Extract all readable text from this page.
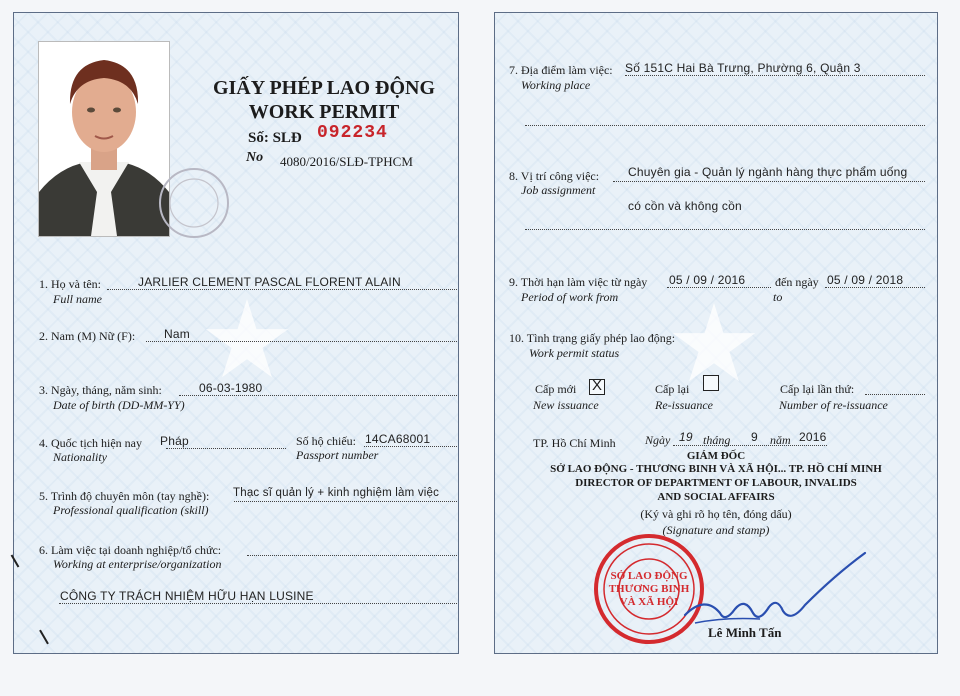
GIẤY PHÉP LAO ĐỘNG
WORK PERMIT
Số: SLĐ 092234
No 4080/2016/SLĐ-TPHCM
1. Họ và tên:	JARLIER CLEMENT PASCAL FLORENT ALAIN
Full name
2. Nam (M) Nữ (F): Nam
3. Ngày, tháng, năm sinh:	06-03-1980
Date of birth (DD-MM-YY)
4. Quốc tịch hiện nay Pháp
Nationality
Số hộ chiếu: 14CA68001
Passport number
5. Trình độ chuyên môn (tay nghề): Thạc sĩ quản lý + kinh nghiệm làm việc
Professional qualification (skill)
6. Làm việc tại doanh nghiệp/tổ chức:
Working at enterprise/organization
CÔNG TY TRÁCH NHIỆM HỮU HẠN LUSINE
7. Địa điểm làm việc: Số 151C Hai Bà Trưng, Phường 6, Quận 3
Working place
8. Vị trí công việc: Chuyên gia - Quản lý ngành hàng thực phẩm uống
Job assignment
có cồn và không cồn
9. Thời hạn làm việc từ ngày 05 / 09 / 2016 đến ngày 05 / 09 / 2018
Period of work from	to
10. Tình trạng giấy phép lao động:
Work permit status
Cấp mới X
New issuance
Cấp lại
Re-issuance
Cấp lại lần thứ:
Number of re-issuance
TP. Hồ Chí Minh Ngày 19 tháng 9 năm 2016
GIÁM ĐỐC
SỞ LAO ĐỘNG - THƯƠNG BINH VÀ XÃ HỘI... TP. HỒ CHÍ MINH
DIRECTOR OF DEPARTMENT OF LABOUR, INVALIDS
AND SOCIAL AFFAIRS
(Ký và ghi rõ họ tên, đóng dấu)
(Signature and stamp)
SỞ LAO ĐỘNG
THƯƠNG BINH
VÀ XÃ HỘI
Lê Minh Tấn
